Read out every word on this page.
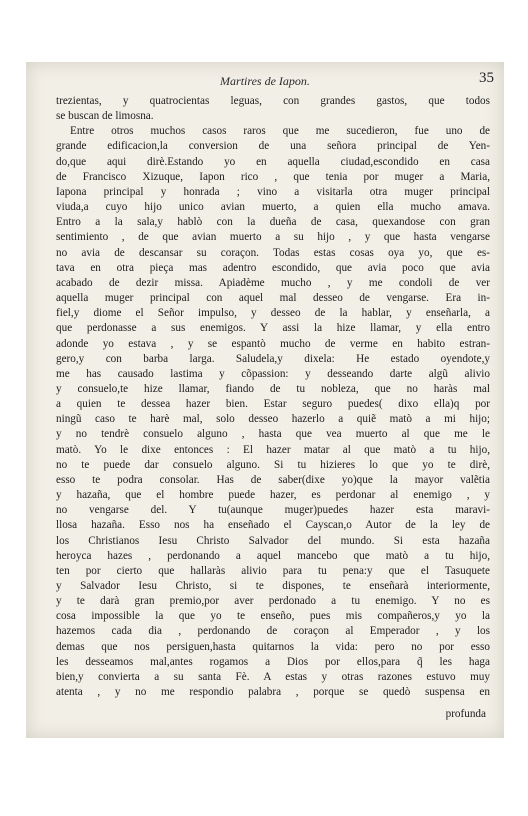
Martires de Iapon.	35
trezientas, y quatrocientas leguas, con grandes gastos, que todos
se buscan de limosna.
Entre otros muchos casos raros que me sucedieron, fue uno de
grande edificacion,la conversion de una señora principal de Yen-
do,que aqui dirè.Estando yo en aquella ciudad,escondido en casa
de Francisco Xizuque, Iapon rico , que tenia por muger a Maria,
Iapona principal y honrada ; vino a visitarla otra muger principal
viuda,a cuyo hijo unico avian muerto, a quien ella mucho amava.
Entro a la sala,y hablò con la dueña de casa, quexandose con gran
sentimiento , de que avian muerto a su hijo , y que hasta vengarse
no avia de descansar su coraçon. Todas estas cosas oya yo, que es-
tava en otra pieça mas adentro escondido, que avia poco que avia
acabado de dezir missa. Apiadème mucho , y me condoli de ver
aquella muger principal con aquel mal desseo de vengarse. Era in-
fiel,y diome el Señor impulso, y desseo de la hablar, y enseñarla, a
que perdonasse a sus enemigos. Y assi la hize llamar, y ella entro
adonde yo estava , y se espantò mucho de verme en habito estran-
gero,y con barba larga. Saludela,y dixela: He estado oyendote,y
me has causado lastima y cõpassion: y desseando darte algũ alivio
y consuelo,te hize llamar, fiando de tu nobleza, que no haràs mal
a quien te dessea hazer bien. Estar seguro puedes( dixo ella)q por
ningũ caso te harè mal, solo desseo hazerlo a quiẽ matò a mi hijo;
y no tendrè consuelo alguno , hasta que vea muerto al que me le
matò. Yo le dixe entonces : El hazer matar al que matò a tu hijo,
no te puede dar consuelo alguno. Si tu hizieres lo que yo te dirè,
esso te podra consolar. Has de saber(dixe yo)que la mayor valẽtia
y hazaña, que el hombre puede hazer, es perdonar al enemigo , y
no vengarse del. Y tu(aunque muger)puedes hazer esta maravi-
llosa hazaña. Esso nos ha enseñado el Cayscan,o Autor de la ley de
los Christianos Iesu Christo Salvador del mundo. Si esta hazaña
heroyca hazes , perdonando a aquel mancebo que matò a tu hijo,
ten por cierto que hallaràs alivio para tu pena:y que el Tasuquete
y Salvador Iesu Christo, si te dispones, te enseñarà interiormente,
y te darà gran premio,por aver perdonado a tu enemigo. Y no es
cosa impossible la que yo te enseño, pues mis compañeros,y yo la
hazemos cada dia , perdonando de coraçon al Emperador , y los
demas que nos persiguen,hasta quitarnos la vida: pero no por esso
les desseamos mal,antes rogamos a Dios por ellos,para q̃ les haga
bien,y convierta a su santa Fè. A estas y otras razones estuvo muy
atenta , y no me respondio palabra , porque se quedò suspensa en
profunda
